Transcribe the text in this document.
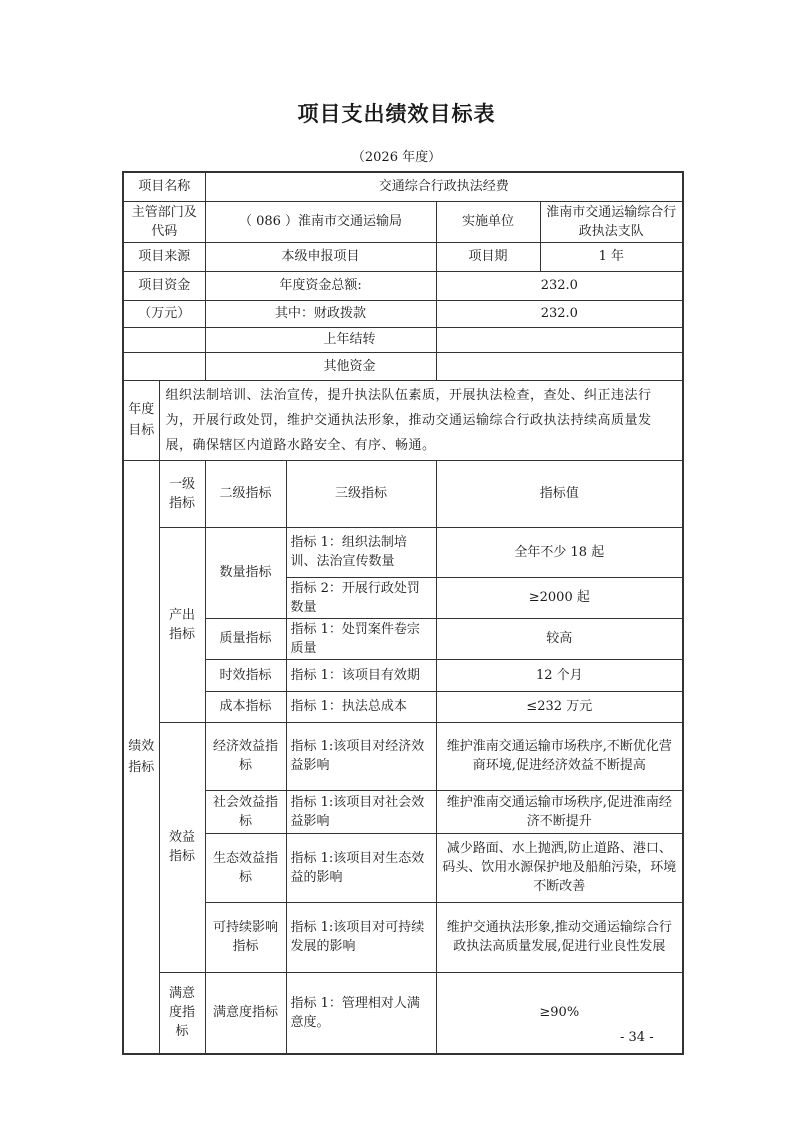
项目支出绩效目标表
（2026 年度）
项目名称		交通综合行政执法经费			
主管部门及代码		（ 086 ）淮南市交通运输局		实施单位	淮南市交通运输综合行政执法支队
项目来源		本级申报项目		项目期	1 年
项目资金		年度资金总额:		232.0	
（万元）		其中：财政拨款		232.0	
		上年结转			
		其他资金			
年度目标	组织法制培训、法治宣传，提升执法队伍素质，开展执法检查，查处、纠正违法行为，开展行政处罚，维护交通执法形象，推动交通运输综合行政执法持续高质量发展，确保辖区内道路水路安全、有序、畅通。				
绩效指标	一级指标	二级指标	三级指标	指标值	
	产出指标	数量指标	指标 1：组织法制培训、法治宣传数量	全年不少 18 起	
			指标 2：开展行政处罚数量	≥2000 起	
		质量指标	指标 1：处罚案件卷宗质量	较高	
		时效指标	指标 1：该项目有效期	12 个月	
		成本指标	指标 1：执法总成本	≤232 万元	
	效益指标	经济效益指标	指标 1:该项目对经济效益影响	维护淮南交通运输市场秩序,不断优化营商环境,促进经济效益不断提高	
		社会效益指标	指标 1:该项目对社会效益影响	维护淮南交通运输市场秩序,促进淮南经济不断提升	
		生态效益指标	指标 1:该项目对生态效益的影响	减少路面、水上抛洒,防止道路、港口、码头、饮用水源保护地及船舶污染，环境不断改善	
		可持续影响指标	指标 1:该项目对可持续发展的影响	维护交通执法形象,推动交通运输综合行政执法高质量发展,促进行业良性发展	
	满意度指标	满意度指标	指标 1：管理相对人满意度。	≥90%	
- 34 -
